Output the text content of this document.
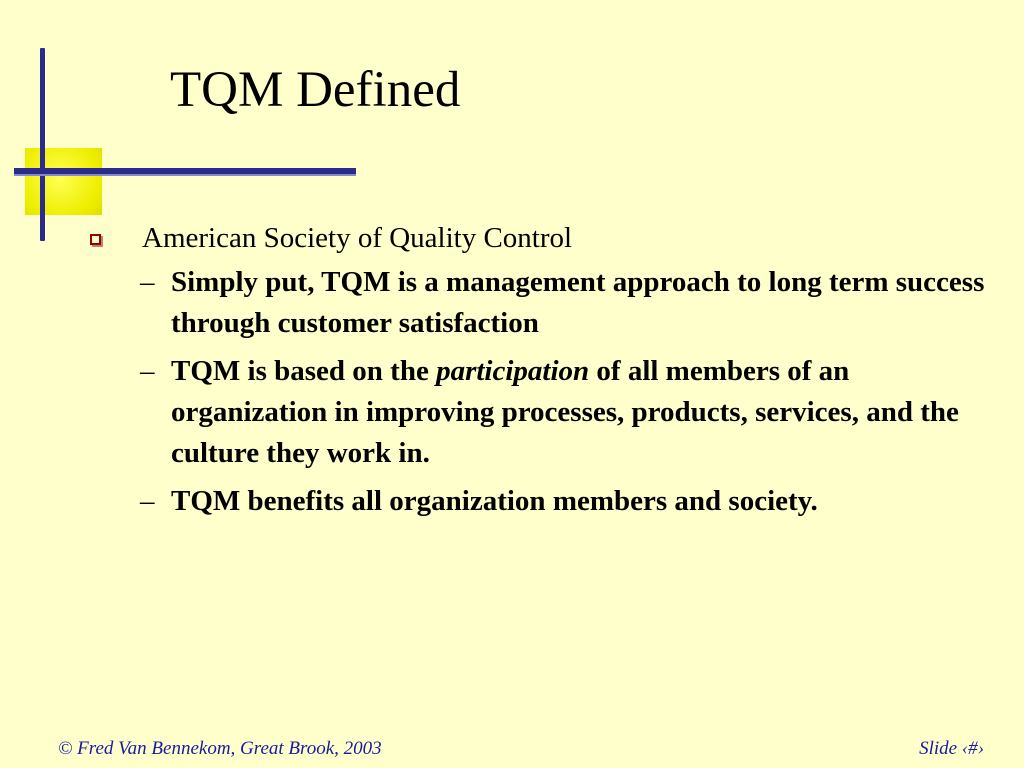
TQM Defined
American Society of Quality Control
– Simply put, TQM is a management approach to long term success through customer satisfaction
– TQM is based on the participation of all members of an organization in improving processes, products, services, and the culture they work in.
– TQM benefits all organization members and society.
© Fred Van Bennekom, Great Brook, 2003	Slide ‹#›
